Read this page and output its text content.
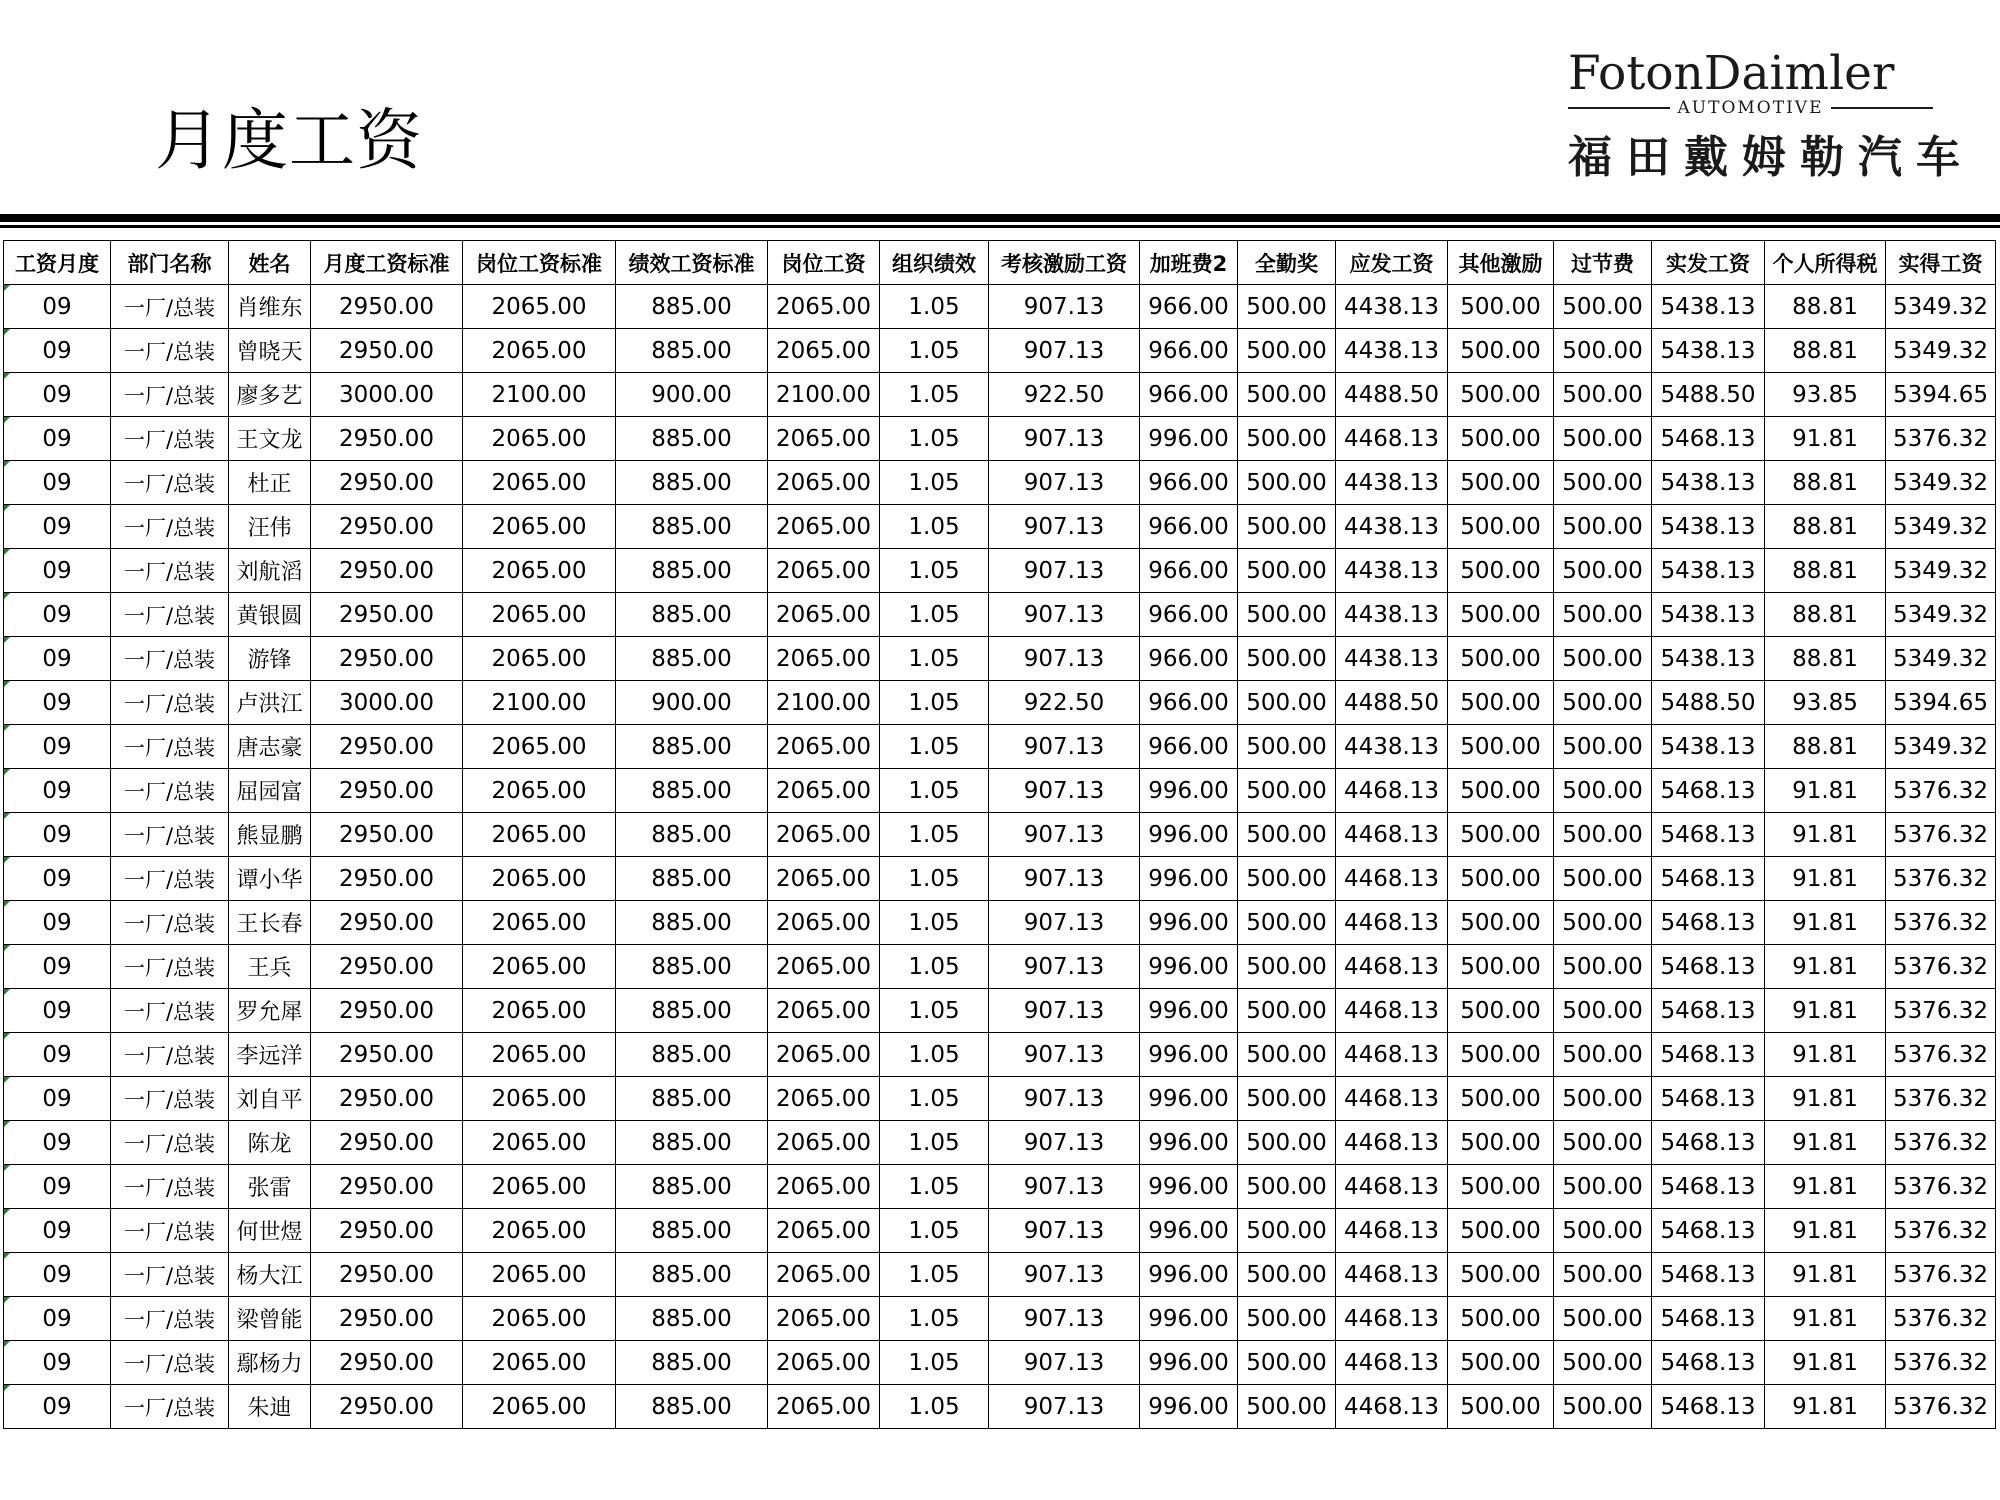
月度工资
FotonDaimler
AUTOMOTIVE
福田戴姆勒汽车
工资月度	部门名称	姓名	月度工资标准	岗位工资标准	绩效工资标准	岗位工资	组织绩效	考核激励工资	加班费2	全勤奖	应发工资	其他激励	过节费	实发工资	个人所得税	实得工资
09	一厂/总装	肖维东	2950.00	2065.00	885.00	2065.00	1.05	907.13	966.00	500.00	4438.13	500.00	500.00	5438.13	88.81	5349.32
09	一厂/总装	曾晓天	2950.00	2065.00	885.00	2065.00	1.05	907.13	966.00	500.00	4438.13	500.00	500.00	5438.13	88.81	5349.32
09	一厂/总装	廖多艺	3000.00	2100.00	900.00	2100.00	1.05	922.50	966.00	500.00	4488.50	500.00	500.00	5488.50	93.85	5394.65
09	一厂/总装	王文龙	2950.00	2065.00	885.00	2065.00	1.05	907.13	996.00	500.00	4468.13	500.00	500.00	5468.13	91.81	5376.32
09	一厂/总装	杜正	2950.00	2065.00	885.00	2065.00	1.05	907.13	966.00	500.00	4438.13	500.00	500.00	5438.13	88.81	5349.32
09	一厂/总装	汪伟	2950.00	2065.00	885.00	2065.00	1.05	907.13	966.00	500.00	4438.13	500.00	500.00	5438.13	88.81	5349.32
09	一厂/总装	刘航滔	2950.00	2065.00	885.00	2065.00	1.05	907.13	966.00	500.00	4438.13	500.00	500.00	5438.13	88.81	5349.32
09	一厂/总装	黄银圆	2950.00	2065.00	885.00	2065.00	1.05	907.13	966.00	500.00	4438.13	500.00	500.00	5438.13	88.81	5349.32
09	一厂/总装	游锋	2950.00	2065.00	885.00	2065.00	1.05	907.13	966.00	500.00	4438.13	500.00	500.00	5438.13	88.81	5349.32
09	一厂/总装	卢洪江	3000.00	2100.00	900.00	2100.00	1.05	922.50	966.00	500.00	4488.50	500.00	500.00	5488.50	93.85	5394.65
09	一厂/总装	唐志豪	2950.00	2065.00	885.00	2065.00	1.05	907.13	966.00	500.00	4438.13	500.00	500.00	5438.13	88.81	5349.32
09	一厂/总装	屈园富	2950.00	2065.00	885.00	2065.00	1.05	907.13	996.00	500.00	4468.13	500.00	500.00	5468.13	91.81	5376.32
09	一厂/总装	熊显鹏	2950.00	2065.00	885.00	2065.00	1.05	907.13	996.00	500.00	4468.13	500.00	500.00	5468.13	91.81	5376.32
09	一厂/总装	谭小华	2950.00	2065.00	885.00	2065.00	1.05	907.13	996.00	500.00	4468.13	500.00	500.00	5468.13	91.81	5376.32
09	一厂/总装	王长春	2950.00	2065.00	885.00	2065.00	1.05	907.13	996.00	500.00	4468.13	500.00	500.00	5468.13	91.81	5376.32
09	一厂/总装	王兵	2950.00	2065.00	885.00	2065.00	1.05	907.13	996.00	500.00	4468.13	500.00	500.00	5468.13	91.81	5376.32
09	一厂/总装	罗允犀	2950.00	2065.00	885.00	2065.00	1.05	907.13	996.00	500.00	4468.13	500.00	500.00	5468.13	91.81	5376.32
09	一厂/总装	李远洋	2950.00	2065.00	885.00	2065.00	1.05	907.13	996.00	500.00	4468.13	500.00	500.00	5468.13	91.81	5376.32
09	一厂/总装	刘自平	2950.00	2065.00	885.00	2065.00	1.05	907.13	996.00	500.00	4468.13	500.00	500.00	5468.13	91.81	5376.32
09	一厂/总装	陈龙	2950.00	2065.00	885.00	2065.00	1.05	907.13	996.00	500.00	4468.13	500.00	500.00	5468.13	91.81	5376.32
09	一厂/总装	张雷	2950.00	2065.00	885.00	2065.00	1.05	907.13	996.00	500.00	4468.13	500.00	500.00	5468.13	91.81	5376.32
09	一厂/总装	何世煜	2950.00	2065.00	885.00	2065.00	1.05	907.13	996.00	500.00	4468.13	500.00	500.00	5468.13	91.81	5376.32
09	一厂/总装	杨大江	2950.00	2065.00	885.00	2065.00	1.05	907.13	996.00	500.00	4468.13	500.00	500.00	5468.13	91.81	5376.32
09	一厂/总装	梁曾能	2950.00	2065.00	885.00	2065.00	1.05	907.13	996.00	500.00	4468.13	500.00	500.00	5468.13	91.81	5376.32
09	一厂/总装	鄢杨力	2950.00	2065.00	885.00	2065.00	1.05	907.13	996.00	500.00	4468.13	500.00	500.00	5468.13	91.81	5376.32
09	一厂/总装	朱迪	2950.00	2065.00	885.00	2065.00	1.05	907.13	996.00	500.00	4468.13	500.00	500.00	5468.13	91.81	5376.32
